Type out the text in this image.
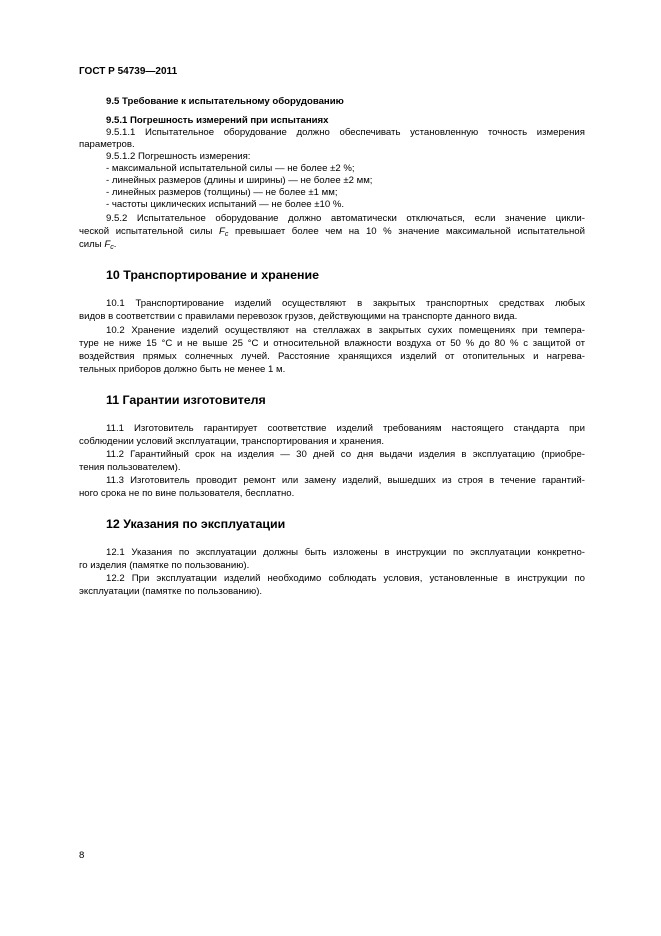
ГОСТ Р 54739—2011
9.5 Требование к испытательному оборудованию
9.5.1 Погрешность измерений при испытаниях
9.5.1.1 Испытательное оборудование должно обеспечивать установленную точность измерения
параметров.
9.5.1.2 Погрешность измерения:
- максимальной испытательной силы — не более ±2 %;
- линейных размеров (длины и ширины) — не более ±2 мм;
- линейных размеров (толщины) — не более ±1 мм;
- частоты циклических испытаний — не более ±10 %.
9.5.2 Испытательное оборудование должно автоматически отключаться, если значение цикли-
ческой испытательной силы $F_c$ превышает более чем на 10 % значение максимальной испытательной
силы $F_c$.
10 Транспортирование и хранение
10.1 Транспортирование изделий осуществляют в закрытых транспортных средствах любых
видов в соответствии с правилами перевозок грузов, действующими на транспорте данного вида.
10.2 Хранение изделий осуществляют на стеллажах в закрытых сухих помещениях при темпера-
туре не ниже 15 °С и не выше 25 °С и относительной влажности воздуха от 50 % до 80 % с защитой от
воздействия прямых солнечных лучей. Расстояние хранящихся изделий от отопительных и нагрева-
тельных приборов должно быть не менее 1 м.
11 Гарантии изготовителя
11.1 Изготовитель гарантирует соответствие изделий требованиям настоящего стандарта при
соблюдении условий эксплуатации, транспортирования и хранения.
11.2 Гарантийный срок на изделия — 30 дней со дня выдачи изделия в эксплуатацию (приобре-
тения пользователем).
11.3 Изготовитель проводит ремонт или замену изделий, вышедших из строя в течение гарантий-
ного срока не по вине пользователя, бесплатно.
12 Указания по эксплуатации
12.1 Указания по эксплуатации должны быть изложены в инструкции по эксплуатации конкретно-
го изделия (памятке по пользованию).
12.2 При эксплуатации изделий необходимо соблюдать условия, установленные в инструкции по
эксплуатации (памятке по пользованию).
8
